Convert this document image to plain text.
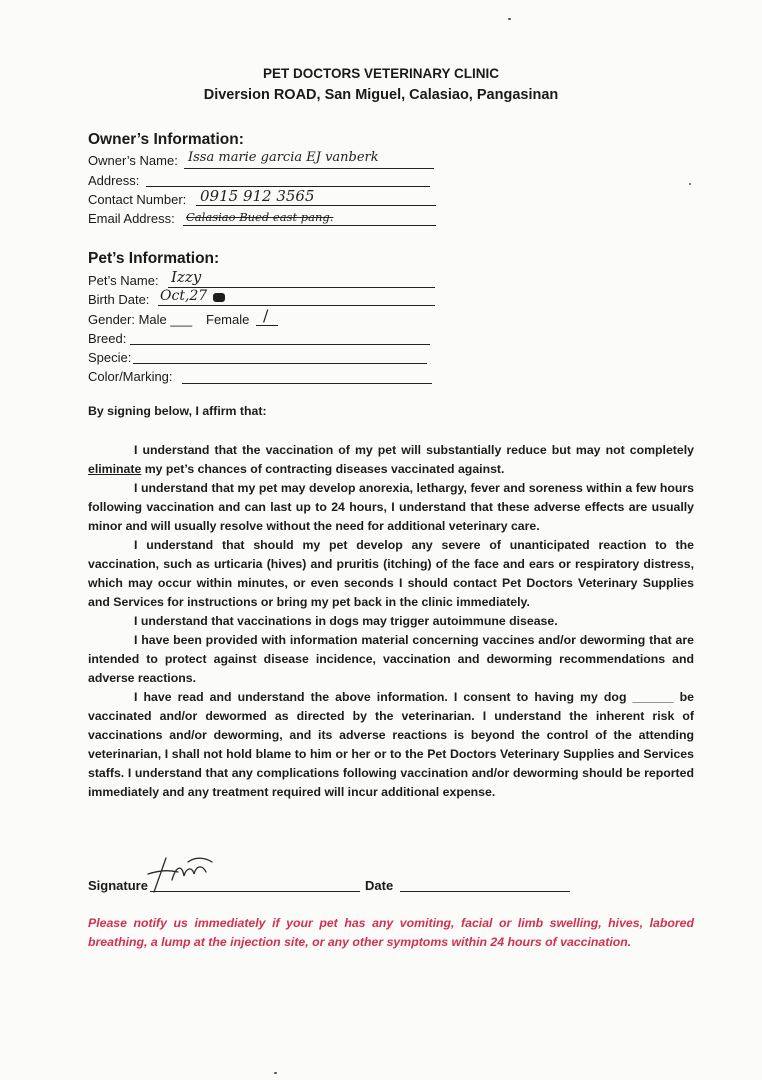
PET DOCTORS VETERINARY CLINIC
Diversion ROAD, San Miguel, Calasiao, Pangasinan
Owner’s Information:
Owner’s Name: Issa marie garcia EJ vanberk
Address:
Contact Number: 0915 912 3565
Email Address: Calasiao Bued east pang.
Pet’s Information:
Pet’s Name: Izzy
Birth Date: Oct,27
Gender: Male ___ Female /
Breed:
Specie:
Color/Marking:
By signing below, I affirm that:
I understand that the vaccination of my pet will substantially reduce but may not completely eliminate my pet’s chances of contracting diseases vaccinated against.
I understand that my pet may develop anorexia, lethargy, fever and soreness within a few hours following vaccination and can last up to 24 hours, I understand that these adverse effects are usually minor and will usually resolve without the need for additional veterinary care.
I understand that should my pet develop any severe of unanticipated reaction to the vaccination, such as urticaria (hives) and pruritis (itching) of the face and ears or respiratory distress, which may occur within minutes, or even seconds I should contact Pet Doctors Veterinary Supplies and Services for instructions or bring my pet back in the clinic immediately.
I understand that vaccinations in dogs may trigger autoimmune disease.
I have been provided with information material concerning vaccines and/or deworming that are intended to protect against disease incidence, vaccination and deworming recommendations and adverse reactions.
I have read and understand the above information. I consent to having my dog ______ be vaccinated and/or dewormed as directed by the veterinarian. I understand the inherent risk of vaccinations and/or deworming, and its adverse reactions is beyond the control of the attending veterinarian, I shall not hold blame to him or her or to the Pet Doctors Veterinary Supplies and Services staffs. I understand that any complications following vaccination and/or deworming should be reported immediately and any treatment required will incur additional expense.
Signature	Date
Please notify us immediately if your pet has any vomiting, facial or limb swelling, hives, labored breathing, a lump at the injection site, or any other symptoms within 24 hours of vaccination.
